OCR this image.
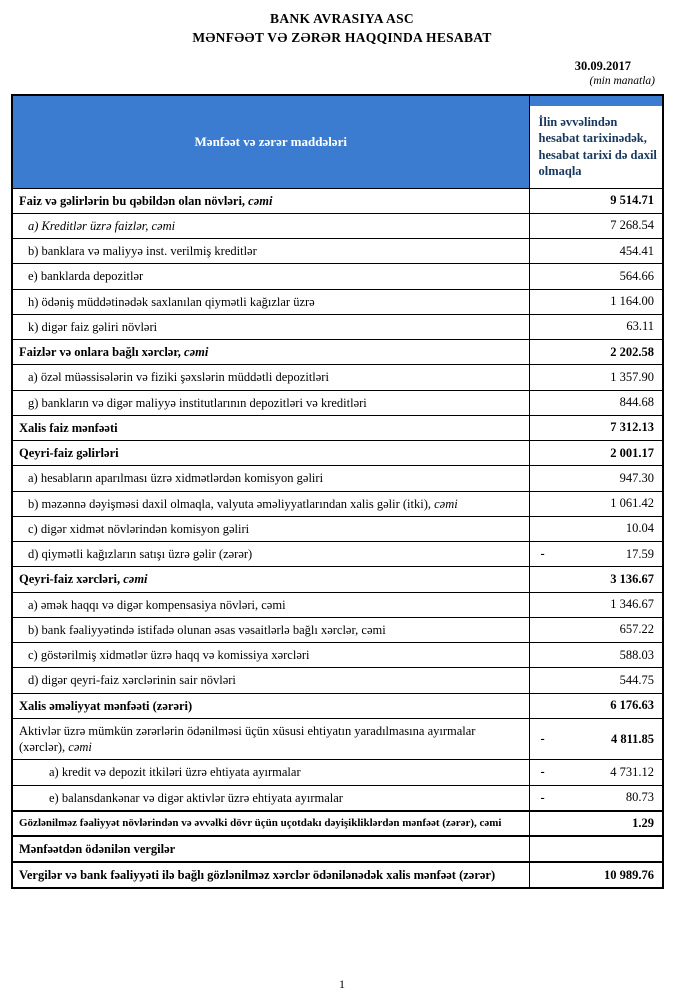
BANK AVRASIYA ASC
MƏNFƏƏT VƏ ZƏRƏR HAQQINDA HESABAT
30.09.2017
(min manatla)
Mənfəət və zərər maddələri	İlin əvvəlindən hesabat tarixinədək, hesabat tarixi də daxil olmaqla
Faiz və gəlirlərin bu qəbildən olan növləri, cəmi	9 514.71
a) Kreditlər üzrə faizlər, cəmi	7 268.54
b) banklara və maliyyə inst. verilmiş kreditlər	454.41
e) banklarda depozitlər	564.66
h) ödəniş müddətinədək saxlanılan qiymətli kağızlar üzrə	1 164.00
k) digər faiz gəliri növləri	63.11
Faizlər və onlara bağlı xərclər, cəmi	2 202.58
a) özəl müəssisələrin və fiziki şəxslərin müddətli depozitləri	1 357.90
g) bankların və digər maliyyə institutlarının depozitləri və kreditləri	844.68
Xalis faiz mənfəəti	7 312.13
Qeyri-faiz gəlirləri	2 001.17
a) hesabların aparılması üzrə xidmətlərdən komisyon gəliri	947.30
b) məzənnə dəyişməsi daxil olmaqla, valyuta əməliyyatlarından xalis gəlir (itki), cəmi	1 061.42
c) digər xidmət növlərindən komisyon gəliri	10.04
d) qiymətli kağızların satışı üzrə gəlir (zərər)	- 17.59
Qeyri-faiz xərcləri, cəmi	3 136.67
a) əmək haqqı və digər kompensasiya növləri, cəmi	1 346.67
b) bank fəaliyyətində istifadə olunan əsas vəsaitlərlə bağlı xərclər, cəmi	657.22
c) göstərilmiş xidmətlər üzrə haqq və komissiya xərcləri	588.03
d) digər qeyri-faiz xərclərinin sair növləri	544.75
Xalis əməliyyat mənfəəti (zərəri)	6 176.63
Aktivlər üzrə mümkün zərərlərin ödənilməsi üçün xüsusi ehtiyatın yaradılmasına ayırmalar (xərclər), cəmi	- 4 811.85
a) kredit və depozit itkiləri üzrə ehtiyata ayırmalar	- 4 731.12
e) balansdankənar və digər aktivlər üzrə ehtiyata ayırmalar	- 80.73
Gözlənilməz fəaliyyət növlərindən və əvvəlki dövr üçün uçotdakı dəyişikliklərdən mənfəət (zərər), cəmi	1.29
Mənfəətdən ödənilən vergilər	

Vergilər və bank fəaliyyəti ilə bağlı gözlənilməz xərclər ödənilənədək xalis mənfəət (zərər)	10 989.76
1
